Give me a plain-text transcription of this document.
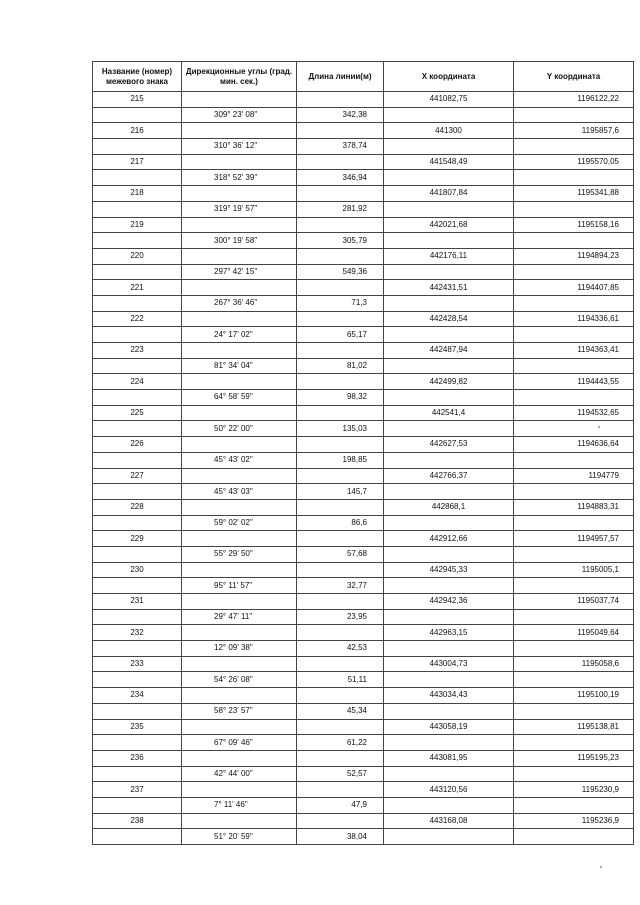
Название (номер) межевого знака	Дирекционные углы (град. мин. сек.)	Длина линии(м)	X координата	Y координата
215			441082,75	1196122,22
	309° 23' 08"	342,38		
216			441300	1195857,6
	310° 36' 12"	378,74		
217			441548,49	1195570,05
	318° 52' 39"	346,94		
218			441807,84	1195341,88
	319° 19' 57"	281,92		
219			442021,68	1195158,16
	300° 19' 58"	305,79		
220			442176,11	1194894,23
	297° 42' 15"	549,36		
221			442431,51	1194407,85
	267° 36' 46"	71,3		
222			442428,54	1194336,61
	24° 17' 02"	65,17		
223			442487,94	1194363,41
	81° 34' 04"	81,02		
224			442499,82	1194443,55
	64° 58' 59"	98,32		
225			442541,4	1194532,65
	50° 22' 00"	135,03		
226			442627,53	1194636,64
	45° 43' 02"	198,85		
227			442766,37	1194779
	45° 43' 03"	145,7		
228			442868,1	1194883,31
	59° 02' 02"	86,6		
229			442912,66	1194957,57
	55° 29' 50"	57,68		
230			442945,33	1195005,1
	95° 11' 57"	32,77		
231			442942,36	1195037,74
	29° 47' 11"	23,95		
232			442963,15	1195049,64
	12° 09' 38"	42,53		
233			443004,73	1195058,6
	54° 26' 08"	51,11		
234			443034,43	1195100,19
	58° 23' 57"	45,34		
235			443058,19	1195138,81
	67° 09' 46"	61,22		
236			443081,95	1195195,23
	42° 44' 00"	52,57		
237			443120,56	1195230,9
	7° 11' 46"	47,9		
238			443168,08	1195236,9
	51° 20' 59"	38,04		
